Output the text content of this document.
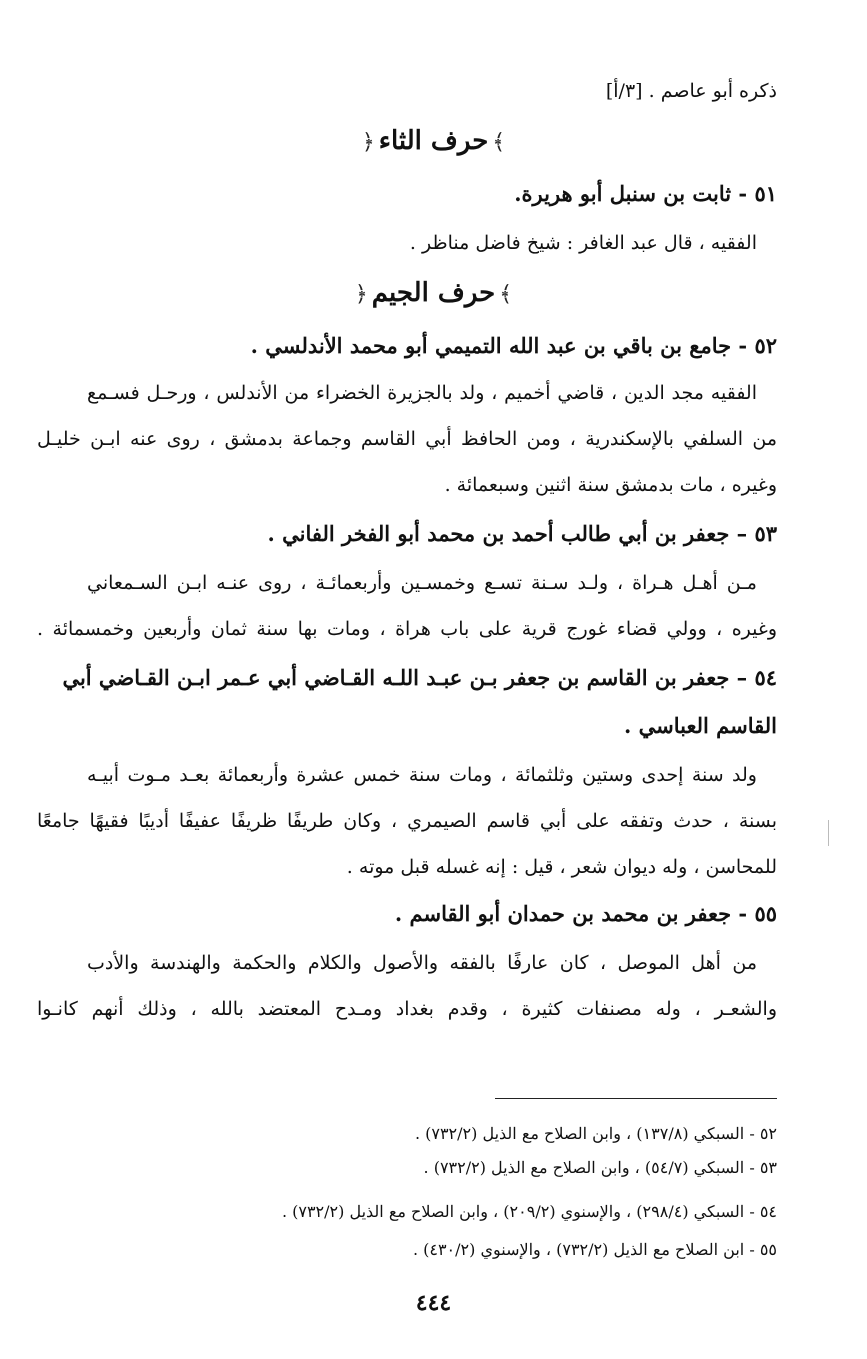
ذكره أبو عاصم . [٣/أ]
﴾حرف الثاء﴿
٥١ - ثابت بن سنبل أبو هريرة.
الفقيه ، قال عبد الغافر : شيخ فاضل مناظر .
﴾حرف الجيم﴿
٥٢ - جامع بن باقي بن عبد الله التميمي أبو محمد الأندلسي .
الفقيه مجد الدين ، قاضي أخميم ، ولد بالجزيرة الخضراء من الأندلس ، ورحـل فسـمع
من السلفي بالإسكندرية ، ومن الحافظ أبي القاسم وجماعة بدمشق ، روى عنه ابـن خليـل
وغيره ، مات بدمشق سنة اثنين وسبعمائة .
٥٣ – جعفر بن أبي طالب أحمد بن محمد أبو الفخر الفاني .
مـن أهـل هـراة ، ولـد سـنة تسـع وخمسـين وأربعمائـة ، روى عنـه ابـن السـمعاني
وغيره ، وولي قضاء غورج قرية على باب هراة ، ومات بها سنة ثمان وأربعين وخمسمائة .
٥٤ – جعفر بن القاسم بن جعفر بـن عبـد اللـه القـاضي أبي عـمر ابـن القـاضي أبي
القاسم العباسي .
ولد سنة إحدى وستين وثلثمائة ، ومات سنة خمس عشرة وأربعمائة بعـد مـوت أبيـه
بسنة ، حدث وتفقه على أبي قاسم الصيمري ، وكان طريفًا ظريفًا عفيفًا أديبًا فقيهًا جامعًا
للمحاسن ، وله ديوان شعر ، قيل : إنه غسله قبل موته .
٥٥ - جعفر بن محمد بن حمدان أبو القاسم .
من أهل الموصل ، كان عارفًا بالفقه والأصول والكلام والحكمة والهندسة والأدب
والشعـر ، وله مصنفات كثيرة ، وقدم بغداد ومـدح المعتضد بالله ، وذلك أنهم كانـوا
٥٢ - السبكي (١٣٧/٨) ، وابن الصلاح مع الذيل (٧٣٢/٢) .
٥٣ - السبكي (٥٤/٧) ، وابن الصلاح مع الذيل (٧٣٢/٢) .
٥٤ - السبكي (٢٩٨/٤) ، والإسنوي (٢٠٩/٢) ، وابن الصلاح مع الذيل (٧٣٢/٢) .
٥٥ - ابن الصلاح مع الذيل (٧٣٢/٢) ، والإسنوي (٤٣٠/٢) .
٤٤٤
